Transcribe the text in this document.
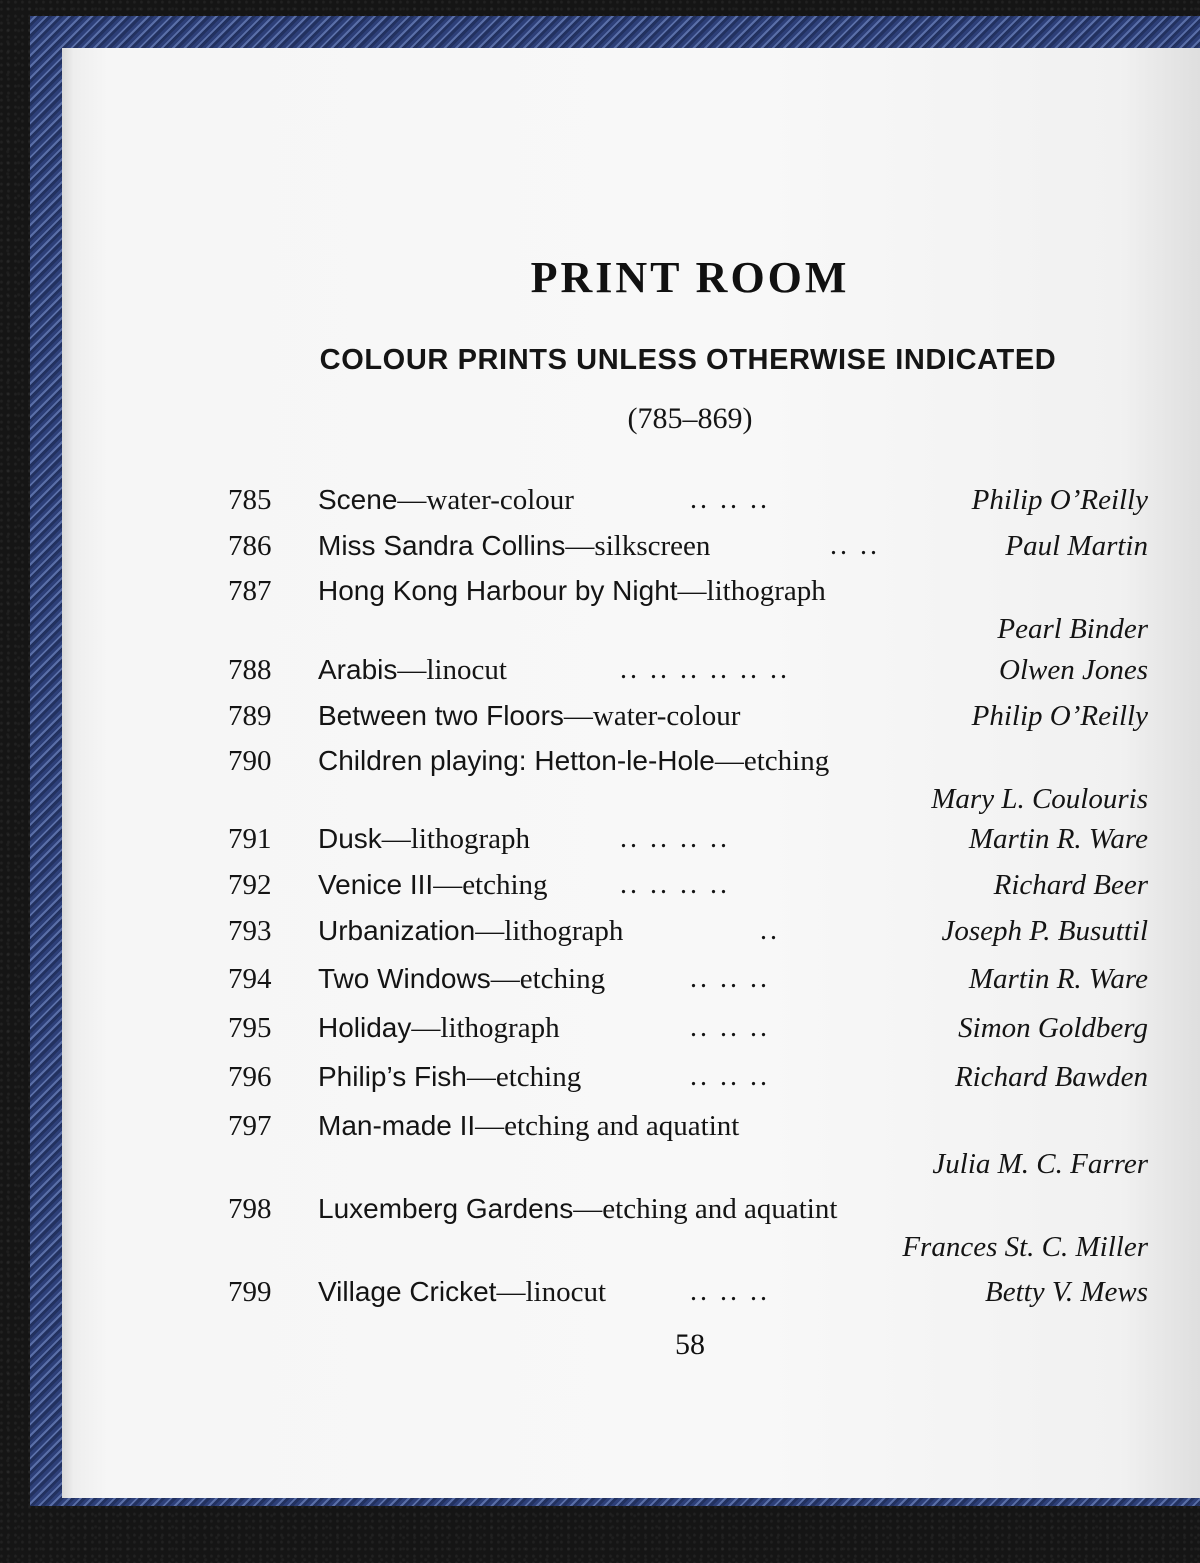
PRINT ROOM
COLOUR PRINTS UNLESS OTHERWISE INDICATED
(785–869)
785 Scene—water-colour	.. .. ..	Philip O’Reilly
786 Miss Sandra Collins—silkscreen	.. ..	Paul Martin
787 Hong Kong Harbour by Night—lithograph
Pearl Binder
788 Arabis—linocut	.. .. .. .. .. ..	Olwen Jones
789 Between two Floors—water-colour	Philip O’Reilly
790 Children playing: Hetton-le-Hole—etching
Mary L. Coulouris
791 Dusk—lithograph	.. .. .. ..	Martin R. Ware
792 Venice III—etching	.. .. .. ..	Richard Beer
793 Urbanization—lithograph	..	Joseph P. Busuttil
794 Two Windows—etching	.. .. ..	Martin R. Ware
795 Holiday—lithograph	.. .. ..	Simon Goldberg
796 Philip’s Fish—etching	.. .. ..	Richard Bawden
797 Man-made II—etching and aquatint
Julia M. C. Farrer
798 Luxemberg Gardens—etching and aquatint
Frances St. C. Miller
799 Village Cricket—linocut	.. .. ..	Betty V. Mews
58
